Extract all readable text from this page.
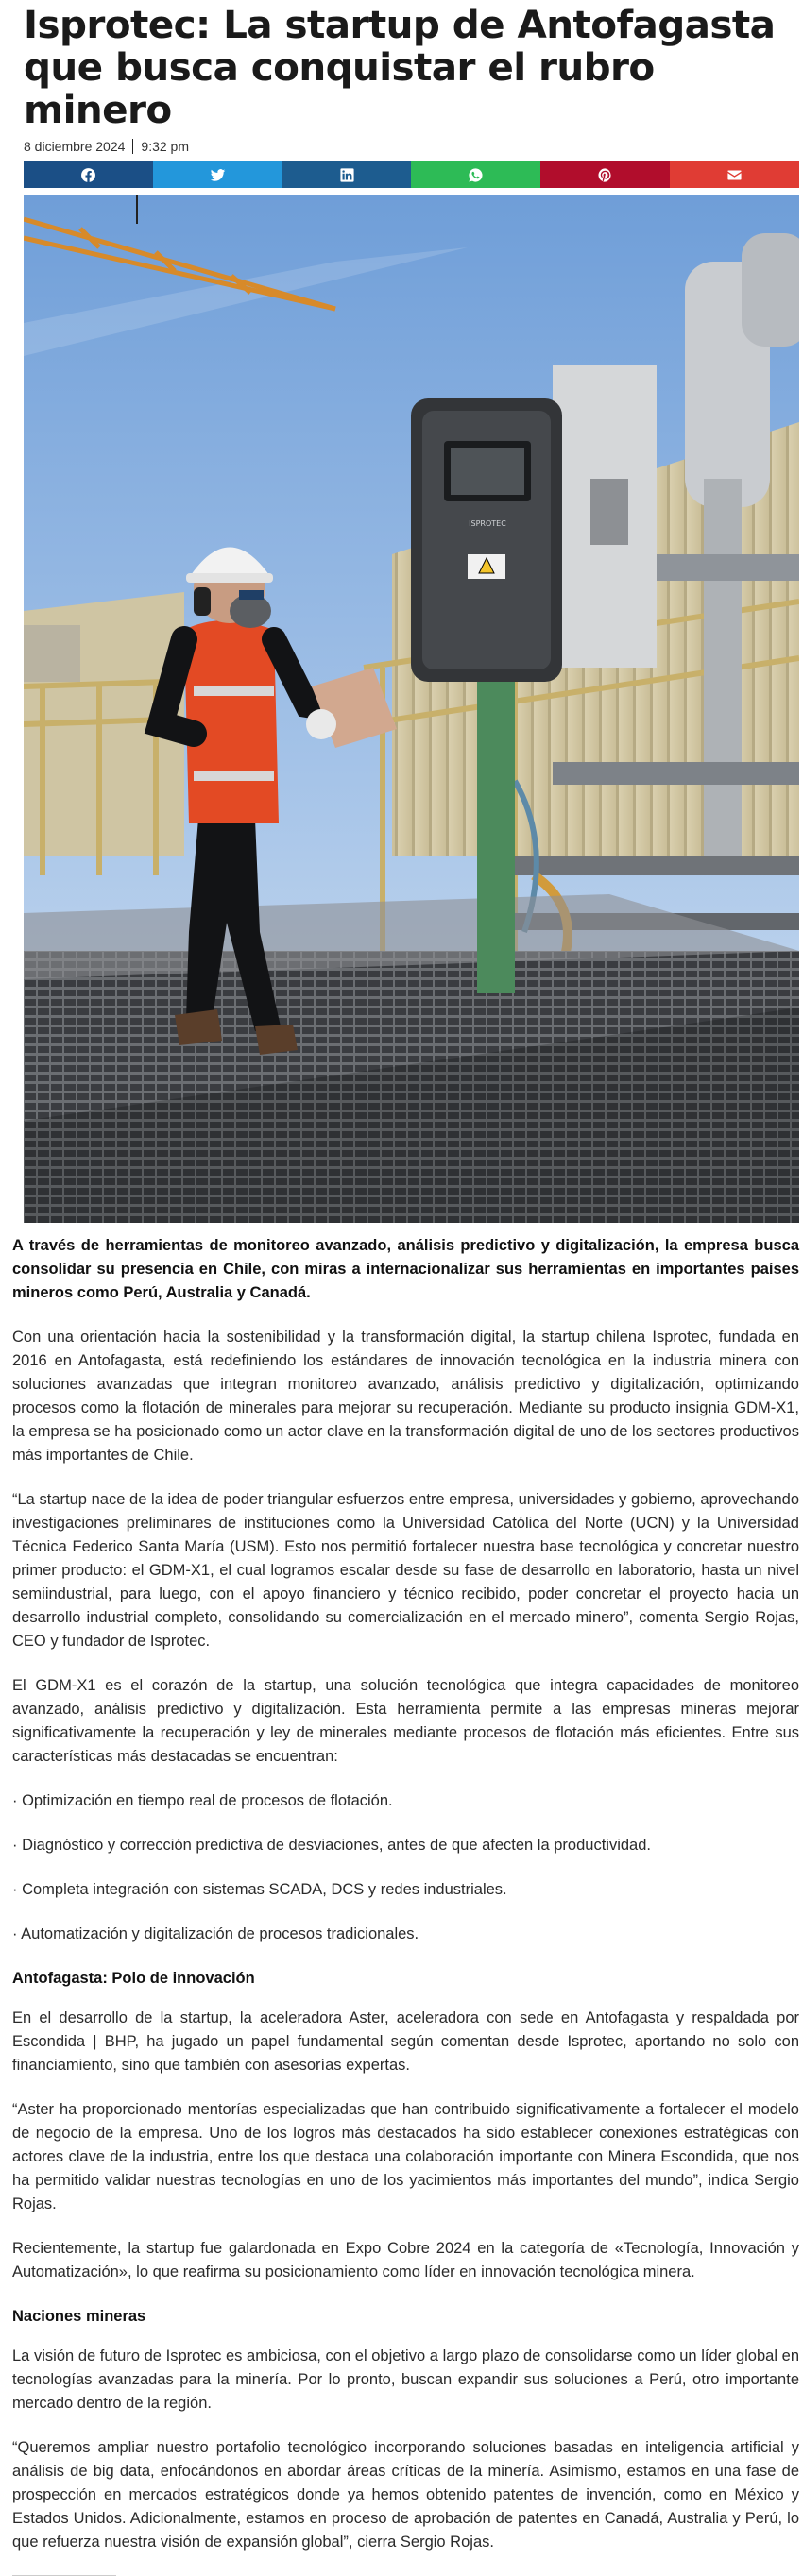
Isprotec: La startup de Antofagasta que busca conquistar el rubro minero
8 diciembre 2024	9:32 pm
ISPROTEC

A través de herramientas de monitoreo avanzado, análisis predictivo y digitalización, la empresa busca consolidar su presencia en Chile, con miras a internacionalizar sus herramientas en importantes países mineros como Perú, Australia y Canadá.

Con una orientación hacia la sostenibilidad y la transformación digital, la startup chilena Isprotec, fundada en 2016 en Antofagasta, está redefiniendo los estándares de innovación tecnológica en la industria minera con soluciones avanzadas que integran monitoreo avanzado, análisis predictivo y digitalización, optimizando procesos como la flotación de minerales para mejorar su recuperación. Mediante su producto insignia GDM-X1, la empresa se ha posicionado como un actor clave en la transformación digital de uno de los sectores productivos más importantes de Chile.

“La startup nace de la idea de poder triangular esfuerzos entre empresa, universidades y gobierno, aprovechando investigaciones preliminares de instituciones como la Universidad Católica del Norte (UCN) y la Universidad Técnica Federico Santa María (USM). Esto nos permitió fortalecer nuestra base tecnológica y concretar nuestro primer producto: el GDM-X1, el cual logramos escalar desde su fase de desarrollo en laboratorio, hasta un nivel semiindustrial, para luego, con el apoyo financiero y técnico recibido, poder concretar el proyecto hacia un desarrollo industrial completo, consolidando su comercialización en el mercado minero”, comenta Sergio Rojas, CEO y fundador de Isprotec.

El GDM-X1 es el corazón de la startup, una solución tecnológica que integra capacidades de monitoreo avanzado, análisis predictivo y digitalización. Esta herramienta permite a las empresas mineras mejorar significativamente la recuperación y ley de minerales mediante procesos de flotación más eficientes. Entre sus características más destacadas se encuentran:

· Optimización en tiempo real de procesos de flotación.

· Diagnóstico y corrección predictiva de desviaciones, antes de que afecten la productividad.

· Completa integración con sistemas SCADA, DCS y redes industriales.

· Automatización y digitalización de procesos tradicionales.

Antofagasta: Polo de innovación

En el desarrollo de la startup, la aceleradora Aster, aceleradora con sede en Antofagasta y respaldada por Escondida | BHP, ha jugado un papel fundamental según comentan desde Isprotec, aportando no solo con financiamiento, sino que también con asesorías expertas.

“Aster ha proporcionado mentorías especializadas que han contribuido significativamente a fortalecer el modelo de negocio de la empresa. Uno de los logros más destacados ha sido establecer conexiones estratégicas con actores clave de la industria, entre los que destaca una colaboración importante con Minera Escondida, que nos ha permitido validar nuestras tecnologías en uno de los yacimientos más importantes del mundo”, indica Sergio Rojas.

Recientemente, la startup fue galardonada en Expo Cobre 2024 en la categoría de «Tecnología, Innovación y Automatización», lo que reafirma su posicionamiento como líder en innovación tecnológica minera.

Naciones mineras

La visión de futuro de Isprotec es ambiciosa, con el objetivo a largo plazo de consolidarse como un líder global en tecnologías avanzadas para la minería. Por lo pronto, buscan expandir sus soluciones a Perú, otro importante mercado dentro de la región.

“Queremos ampliar nuestro portafolio tecnológico incorporando soluciones basadas en inteligencia artificial y análisis de big data, enfocándonos en abordar áreas críticas de la minería. Asimismo, estamos en una fase de prospección en mercados estratégicos donde ya hemos obtenido patentes de invención, como en México y Estados Unidos. Adicionalmente, estamos en proceso de aprobación de patentes en Canadá, Australia y Perú, lo que refuerza nuestra visión de expansión global”, cierra Sergio Rojas.
